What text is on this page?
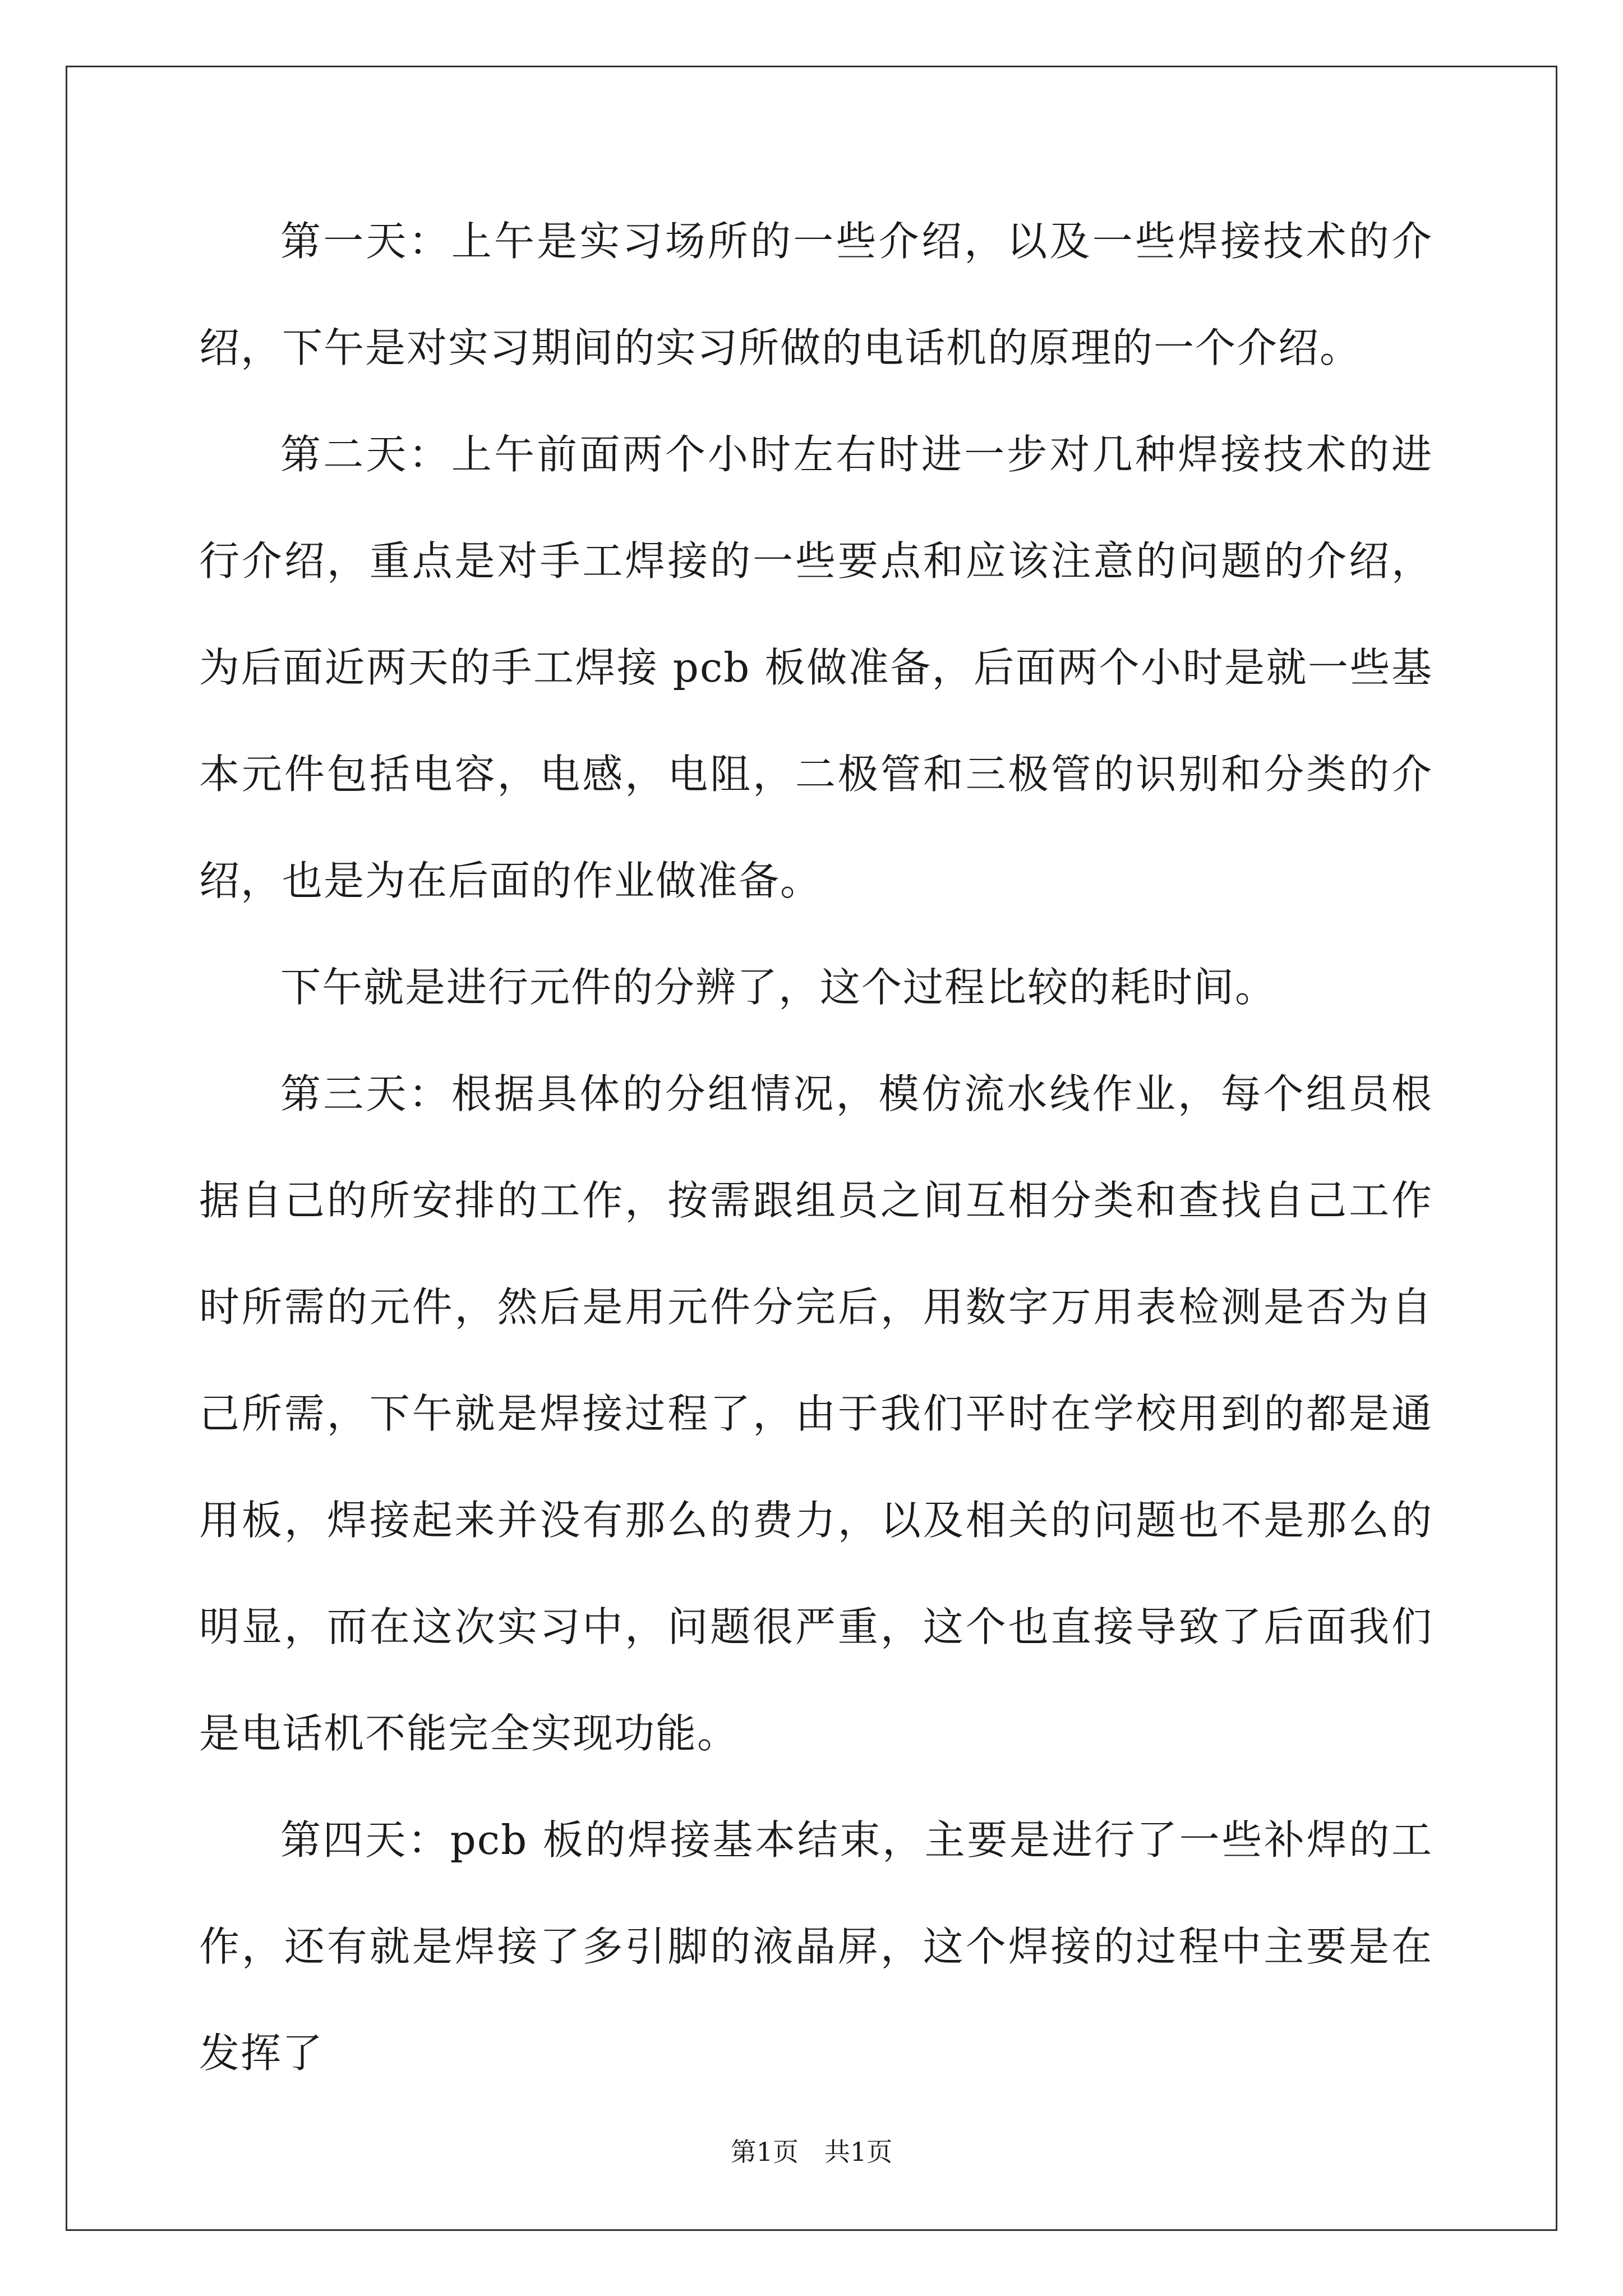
第一天：上午是实习场所的一些介绍，以及一些焊接技术的介绍，下午是对实习期间的实习所做的电话机的原理的一个介绍。

第二天：上午前面两个小时左右时进一步对几种焊接技术的进行介绍，重点是对手工焊接的一些要点和应该注意的问题的介绍，为后面近两天的手工焊接 pcb 板做准备，后面两个小时是就一些基本元件包括电容，电感，电阻，二极管和三极管的识别和分类的介绍，也是为在后面的作业做准备。

下午就是进行元件的分辨了，这个过程比较的耗时间。

第三天：根据具体的分组情况，模仿流水线作业，每个组员根据自己的所安排的工作，按需跟组员之间互相分类和查找自己工作时所需的元件，然后是用元件分完后，用数字万用表检测是否为自己所需，下午就是焊接过程了，由于我们平时在学校用到的都是通用板，焊接起来并没有那么的费力，以及相关的问题也不是那么的明显，而在这次实习中，问题很严重，这个也直接导致了后面我们是电话机不能完全实现功能。

第四天：pcb 板的焊接基本结束，主要是进行了一些补焊的工作，还有就是焊接了多引脚的液晶屏，这个焊接的过程中主要是在发挥了

第1页 共1页
